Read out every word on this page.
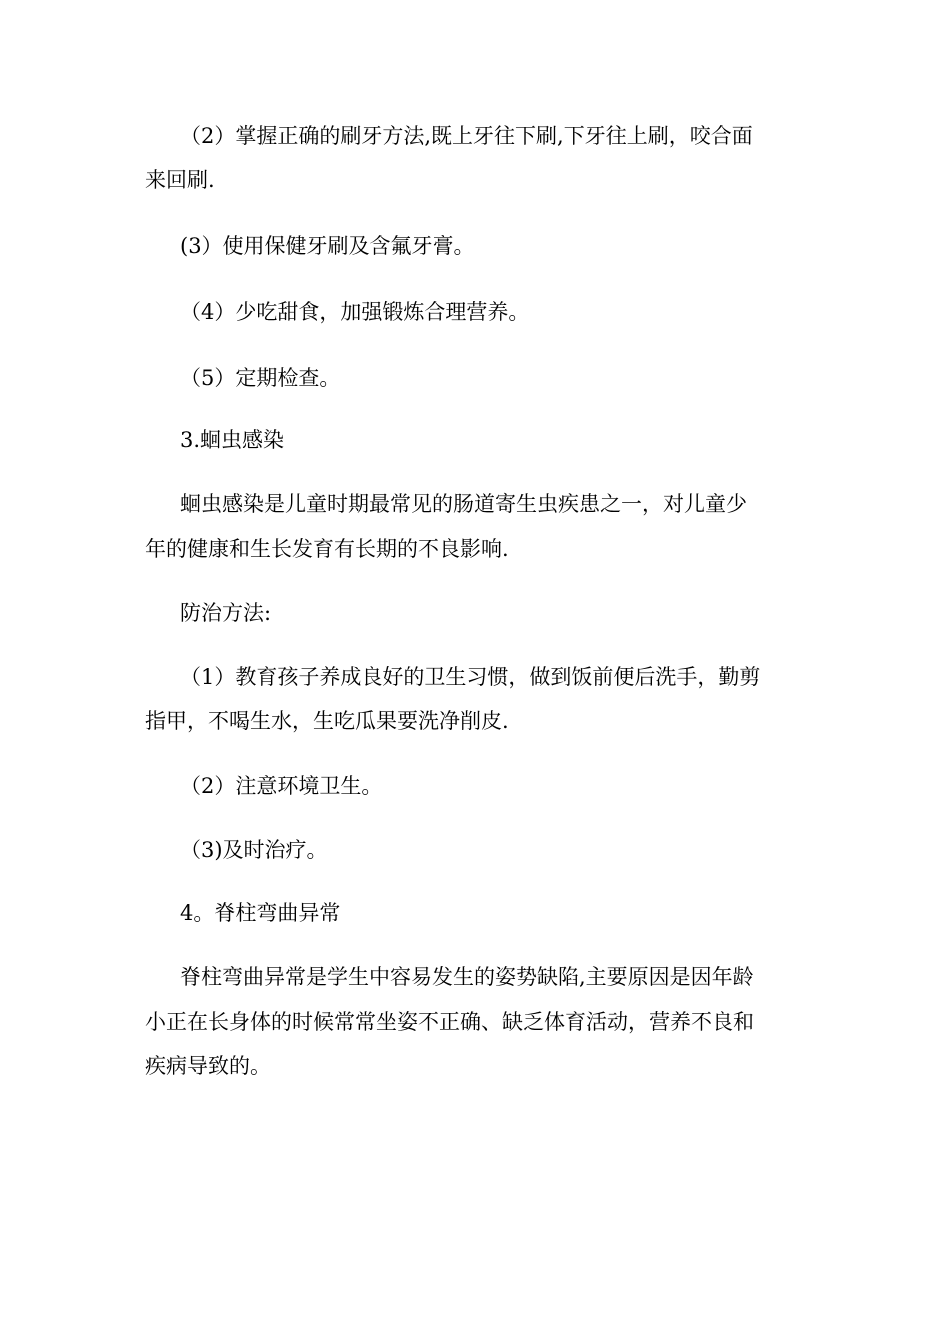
（2）掌握正确的刷牙方法,既上牙往下刷,下牙往上刷，咬合面

来回刷.

(3）使用保健牙刷及含氟牙膏。

（4）少吃甜食，加强锻炼合理营养。

（5）定期检查。

3.蛔虫感染

蛔虫感染是儿童时期最常见的肠道寄生虫疾患之一，对儿童少

年的健康和生长发育有长期的不良影响.

防治方法:

（1）教育孩子养成良好的卫生习惯，做到饭前便后洗手，勤剪

指甲，不喝生水，生吃瓜果要洗净削皮.

（2）注意环境卫生。

（3)及时治疗。

4。脊柱弯曲异常

脊柱弯曲异常是学生中容易发生的姿势缺陷,主要原因是因年龄

小正在长身体的时候常常坐姿不正确、缺乏体育活动，营养不良和

疾病导致的。
